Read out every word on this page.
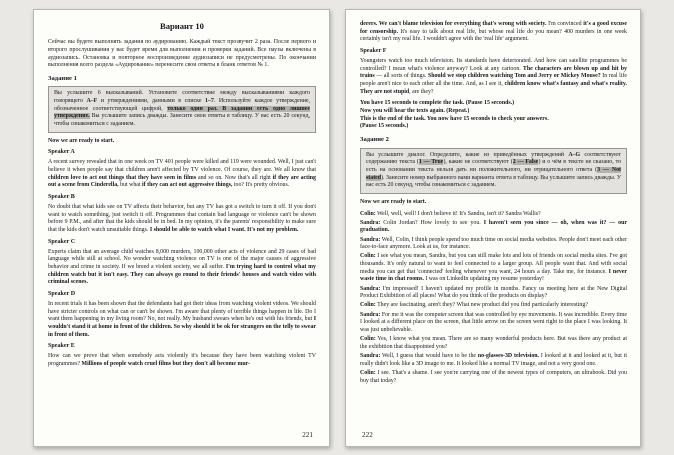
Вариант 10

Сейчас вы будете выполнять задания по аудированию. Каждый текст прозвучит 2 раза. После первого и второго прослушивания у вас будет время для выполнения и проверки заданий. Все паузы включены в аудиозапись. Остановка и повторное воспроизведение аудиозаписи не предусмотрены. По окончании выполнения всего раздела «Аудирование» перенесите свои ответы в бланк ответов № 1.

Задание 1

Вы услышите 6 высказываний. Установите соответствие между высказываниями каждого говорящего A–F и утверждениями, данными в списке 1–7. Используйте каждое утверждение, обозначенное соответствующей цифрой, только один раз. В задании есть одно лишнее утверждение. Вы услышите запись дважды. Занесите свои ответы в таблицу. У вас есть 20 секунд, чтобы ознакомиться с заданием.

Now we are ready to start.
Speaker A

A recent survey revealed that in one week on TV 401 people were killed and 119 were wounded. Well, I just can't believe it when people say that children aren't affected by TV violence. Of course, they are. We all know that children love to act out things that they have seen in films and so on. Now that's all right if they are acting out a scene from Cinderella, but what if they can act out aggressive things, too? It's pretty obvious.

Speaker B

No doubt that what kids see on TV affects their behavior, but any TV has got a switch to turn it off. If you don't want to watch something, just switch it off. Programmes that contain bad language or violence can't be shown before 9 P.M., and after that the kids should be in bed. In my opinion, it's the parents' responsibility to make sure that the kids don't watch unsuitable things. I should be able to watch what I want. It's not my problem.

Speaker C

Experts claim that an average child watches 8,000 murders, 100,000 other acts of violence and 29 cases of bad language while still at school. No wonder watching violence on TV is one of the major causes of aggressive behavior and crime in society. If we breed a violent society, we all suffer. I'm trying hard to control what my children watch but it isn't easy. They can always go round to their friends' houses and watch video with criminal scenes.

Speaker D

In recent trials it has been shown that the defendants had got their ideas from watching violent videos. We should have stricter controls on what can or can't be shown. I'm aware that plenty of terrible things happen in life. Do I want them happening in my living room? No, not really. My husband swears when he's out with his friends, but I wouldn't stand it at home in front of the children. So why should it be ok for strangers on the telly to swear in front of them.

Speaker E

How can we prove that when somebody acts violently it's because they have been watching violent TV programmes? Millions of people watch cruel films but they don't all become mur-

221

derers. We can't blame television for everything that's wrong with society. I'm convinced it's a good excuse for censorship. It's easy to talk about real life, but whose real life do you mean? 400 murders in one week certainly isn't my real life. I wouldn't agree with the 'real life' argument.

Speaker F

Youngsters watch too much television. Its standards have deteriorated. And how can satellite programmes be controlled? I mean what's violence anyway? Look at any cartoon. The characters are blown up and hit by trains — all sorts of things. Should we stop children watching Tom and Jerry or Mickey Mouse? In real life people aren't nice to each other all the time. And, as I see it, children know what's fantasy and what's reality. They are not stupid, are they?

You have 15 seconds to complete the task. (Pause 15 seconds.)

Now you will hear the texts again. (Repeat.)

This is the end of the task. You now have 15 seconds to check your answers.

(Pause 15 seconds.)

Задание 2

Вы услышите диалог. Определите, какие из приведённых утверждений A–G соответствуют содержанию текста (1 — True), какие не соответствуют (2 — False) и о чём в тексте не сказано, то есть на основании текста нельзя дать ни положительного, ни отрицательного ответа (3 — Not stated). Занесите номер выбранного вами варианта ответа в таблицу. Вы услышите запись дважды. У вас есть 20 секунд, чтобы ознакомиться с заданием.

Now we are ready to start.

Colin: Well, well, well! I don't believe it! It's Sandra, isn't it? Sandra Wallis?

Sandra: Colin Jordan? How lovely to see you. I haven't seen you since — oh, when was it? — our graduation.

Sandra: Well, Colin, I think people spend too much time on social media websites. People don't meet each other face-to-face anymore. Look at us, for instance.

Colin: I see what you mean, Sandra, but you can still make lots and lots of friends on social media sites. I've got thousands. It's only natural to want to feel connected to a larger group. All people want that. And with social media you can get that 'connected' feeling whenever you want, 24 hours a day. Take me, for instance. I never waste time in chat rooms. I was on LinkedIn updating my resume yesterday!

Sandra: I'm impressed! I haven't updated my profile in months. Fancy us meeting here at the New Digital Product Exhibition of all places! What do you think of the products on display?

Colin: They are fascinating, aren't they? What new product did you find particularly interesting?

Sandra: For me it was the computer screen that was controlled by eye movements. It was incredible. Every time I looked at a different place on the screen, that little arrow on the screen went right to the place I was looking. It was just unbelievable.

Colin: Yes, I know what you mean. There are so many wonderful products here. But was there any product at the exhibition that disappointed you?

Sandra: Well, I guess that would have to be the no-glasses-3D television. I looked at it and looked at it, but it really didn't look like a 3D image to me. It looked like a normal TV image, and not a very good one.

Colin: I see. That's a shame. I see you're carrying one of the newest types of computers, an ultrabook. Did you buy that today?

222
